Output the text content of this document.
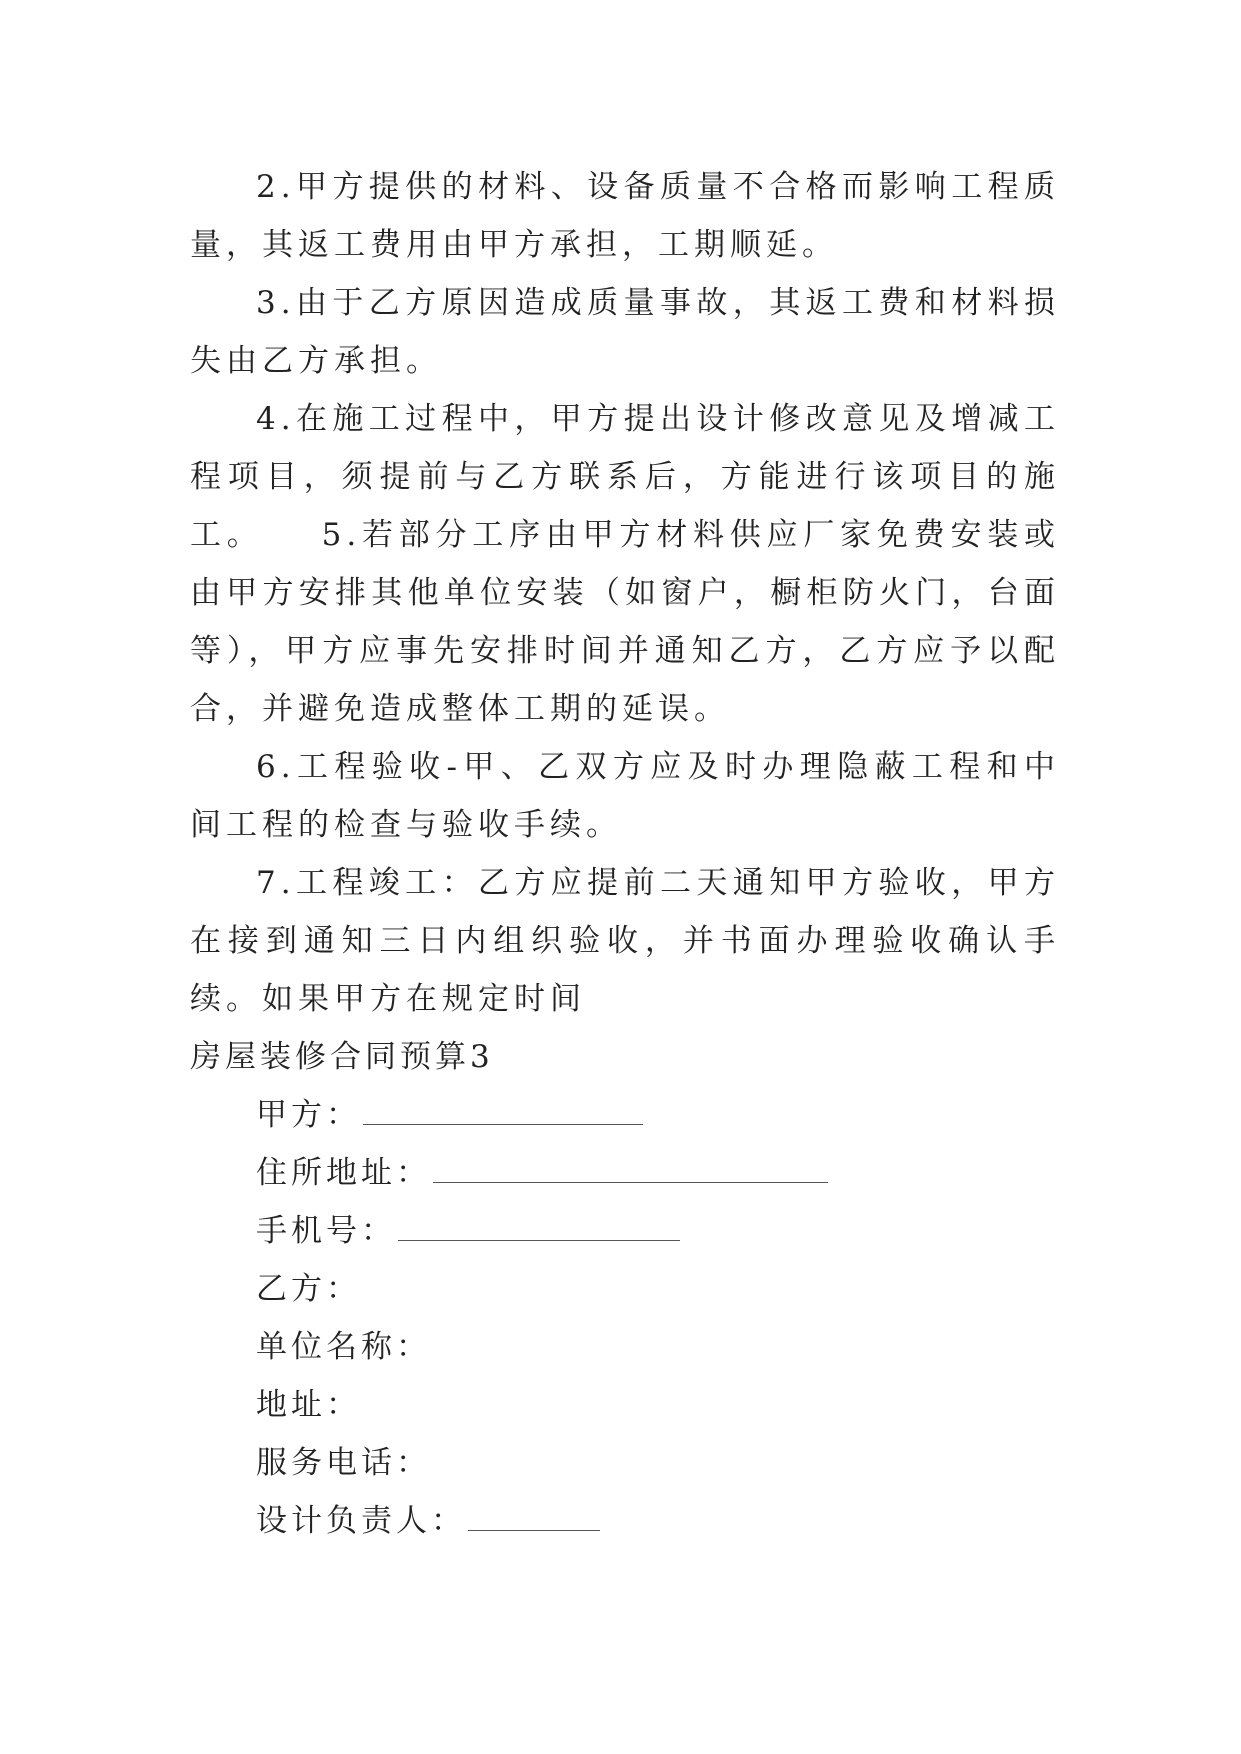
2.甲方提供的材料、设备质量不合格而影响工程质量，其返工费用由甲方承担，工期顺延。

3.由于乙方原因造成质量事故，其返工费和材料损失由乙方承担。

4.在施工过程中，甲方提出设计修改意见及增减工程项目，须提前与乙方联系后，方能进行该项目的施工。　　5.若部分工序由甲方材料供应厂家免费安装或由甲方安排其他单位安装（如窗户，橱柜防火门，台面等），甲方应事先安排时间并通知乙方，乙方应予以配合，并避免造成整体工期的延误。

6.工程验收-甲、乙双方应及时办理隐蔽工程和中间工程的检查与验收手续。

7.工程竣工：乙方应提前二天通知甲方验收，甲方在接到通知三日内组织验收，并书面办理验收确认手续。如果甲方在规定时间

房屋装修合同预算3

甲方：

住所地址：

手机号：

乙方：

单位名称：

地址：

服务电话：

设计负责人：
